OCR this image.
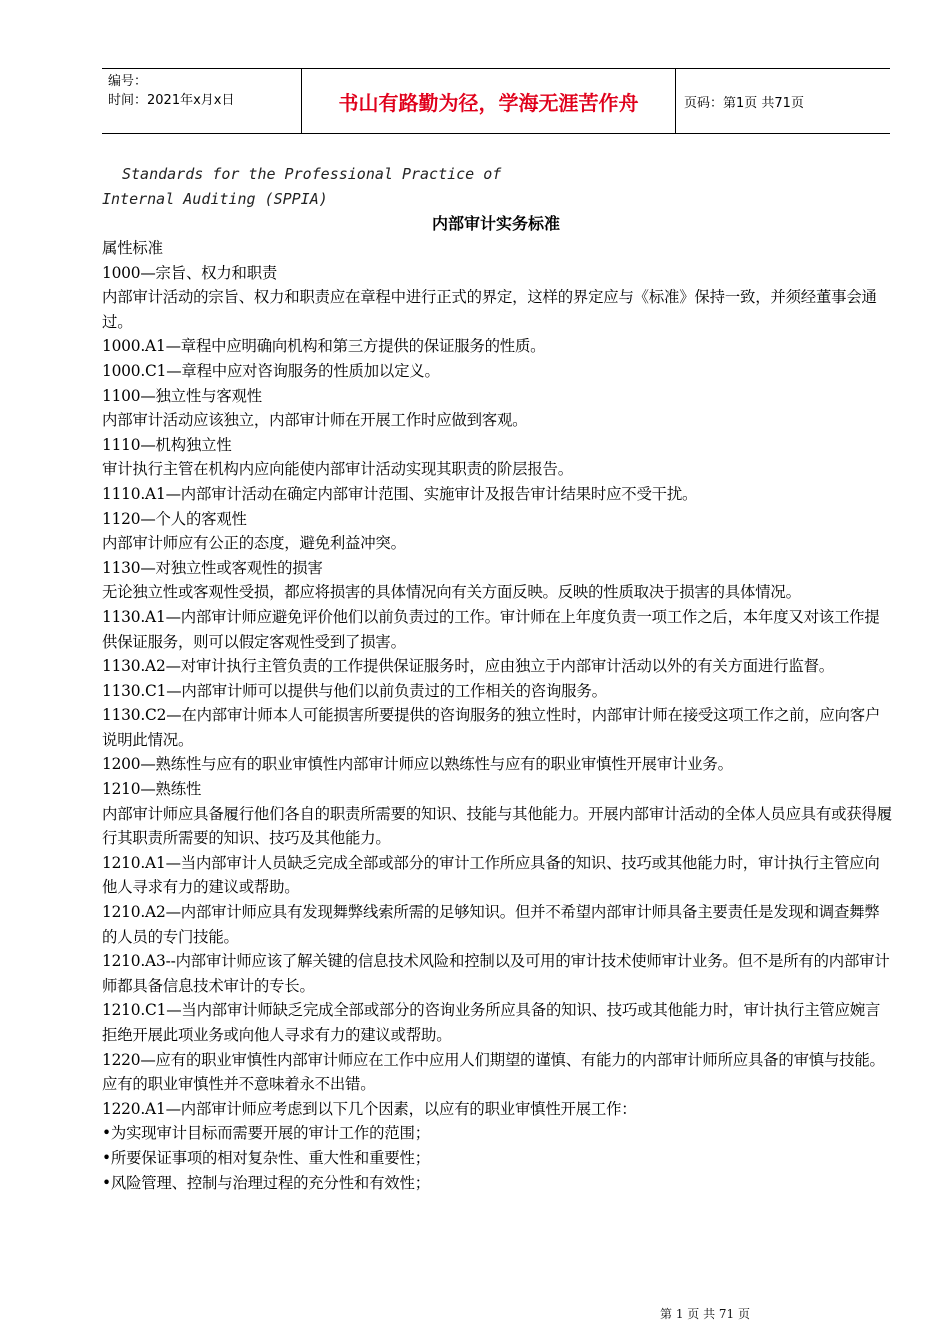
编号：
时间：2021年x月x日	书山有路勤为径，学海无涯苦作舟	页码：第1页 共71页
Standards for the Professional Practice of
Internal Auditing (SPPIA)
内部审计实务标准

属性标准

1000—宗旨、权力和职责

内部审计活动的宗旨、权力和职责应在章程中进行正式的界定，这样的界定应与《标准》保持一致，并须经董事会通过。

1000.A1—章程中应明确向机构和第三方提供的保证服务的性质。

1000.C1—章程中应对咨询服务的性质加以定义。

1100—独立性与客观性

内部审计活动应该独立，内部审计师在开展工作时应做到客观。

1110—机构独立性

审计执行主管在机构内应向能使内部审计活动实现其职责的阶层报告。

1110.A1—内部审计活动在确定内部审计范围、实施审计及报告审计结果时应不受干扰。

1120—个人的客观性

内部审计师应有公正的态度，避免利益冲突。

1130—对独立性或客观性的损害

无论独立性或客观性受损，都应将损害的具体情况向有关方面反映。反映的性质取决于损害的具体情况。

1130.A1—内部审计师应避免评价他们以前负责过的工作。审计师在上年度负责一项工作之后，本年度又对该工作提供保证服务，则可以假定客观性受到了损害。

1130.A2—对审计执行主管负责的工作提供保证服务时，应由独立于内部审计活动以外的有关方面进行监督。

1130.C1—内部审计师可以提供与他们以前负责过的工作相关的咨询服务。

1130.C2—在内部审计师本人可能损害所要提供的咨询服务的独立性时，内部审计师在接受这项工作之前，应向客户说明此情况。

1200—熟练性与应有的职业审慎性内部审计师应以熟练性与应有的职业审慎性开展审计业务。

1210—熟练性

内部审计师应具备履行他们各自的职责所需要的知识、技能与其他能力。开展内部审计活动的全体人员应具有或获得履行其职责所需要的知识、技巧及其他能力。

1210.A1—当内部审计人员缺乏完成全部或部分的审计工作所应具备的知识、技巧或其他能力时，审计执行主管应向他人寻求有力的建议或帮助。

1210.A2—内部审计师应具有发现舞弊线索所需的足够知识。但并不希望内部审计师具备主要责任是发现和调查舞弊的人员的专门技能。

1210.A3--内部审计师应该了解关键的信息技术风险和控制以及可用的审计技术使师审计业务。但不是所有的内部审计师都具备信息技术审计的专长。

1210.C1—当内部审计师缺乏完成全部或部分的咨询业务所应具备的知识、技巧或其他能力时，审计执行主管应婉言拒绝开展此项业务或向他人寻求有力的建议或帮助。

1220—应有的职业审慎性内部审计师应在工作中应用人们期望的谨慎、有能力的内部审计师所应具备的审慎与技能。应有的职业审慎性并不意味着永不出错。

1220.A1—内部审计师应考虑到以下几个因素，以应有的职业审慎性开展工作：

•为实现审计目标而需要开展的审计工作的范围；

•所要保证事项的相对复杂性、重大性和重要性；

•风险管理、控制与治理过程的充分性和有效性；

第 1 页 共 71 页
